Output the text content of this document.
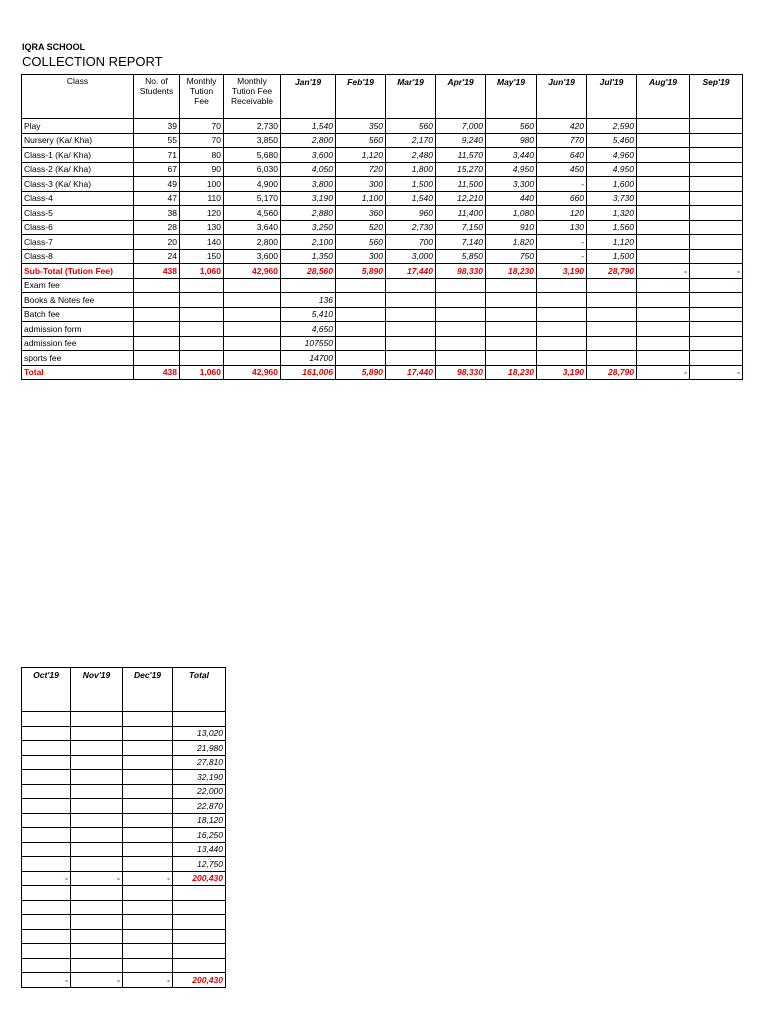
IQRA SCHOOL
COLLECTION REPORT
Class	No. of Students	Monthly Tution Fee	Monthly Tution Fee Receivable	Jan'19	Feb'19	Mar'19	Apr'19	May'19	Jun'19	Jul'19	Aug'19	Sep'19
Play	39	70	2,730	1,540	350	560	7,000	560	420	2,590		
Nursery (Ka/ Kha)	55	70	3,850	2,800	560	2,170	9,240	980	770	5,460		
Class-1 (Ka/ Kha)	71	80	5,680	3,600	1,120	2,480	11,570	3,440	640	4,960		
Class-2 (Ka/ Kha)	67	90	6,030	4,050	720	1,800	15,270	4,950	450	4,950		
Class-3 (Ka/ Kha)	49	100	4,900	3,800	300	1,500	11,500	3,300	-	1,600		
Class-4	47	110	5,170	3,190	1,100	1,540	12,210	440	660	3,730		
Class-5	38	120	4,560	2,880	360	960	11,400	1,080	120	1,320		
Class-6	28	130	3,640	3,250	520	2,730	7,150	910	130	1,560		
Class-7	20	140	2,800	2,100	560	700	7,140	1,820	-	1,120		
Class-8	24	150	3,600	1,350	300	3,000	5,850	750	-	1,500		
Sub-Total (Tution Fee)	438	1,060	42,960	28,560	5,890	17,440	98,330	18,230	3,190	28,790	-	-
Exam fee												
Books & Notes fee				136								
Batch fee				5,410								
admission form				4,650								
admission fee				107550								
sports fee				14700								
Total	438	1,060	42,960	161,006	5,890	17,440	98,330	18,230	3,190	28,790	-	-
Oct'19	Nov'19	Dec'19	Total

			13,020
			21,980
			27,810
			32,190
			22,000
			22,870
			18,120
			16,250
			13,440
			12,750
-	-	-	200,430

-	-	-	200,430
